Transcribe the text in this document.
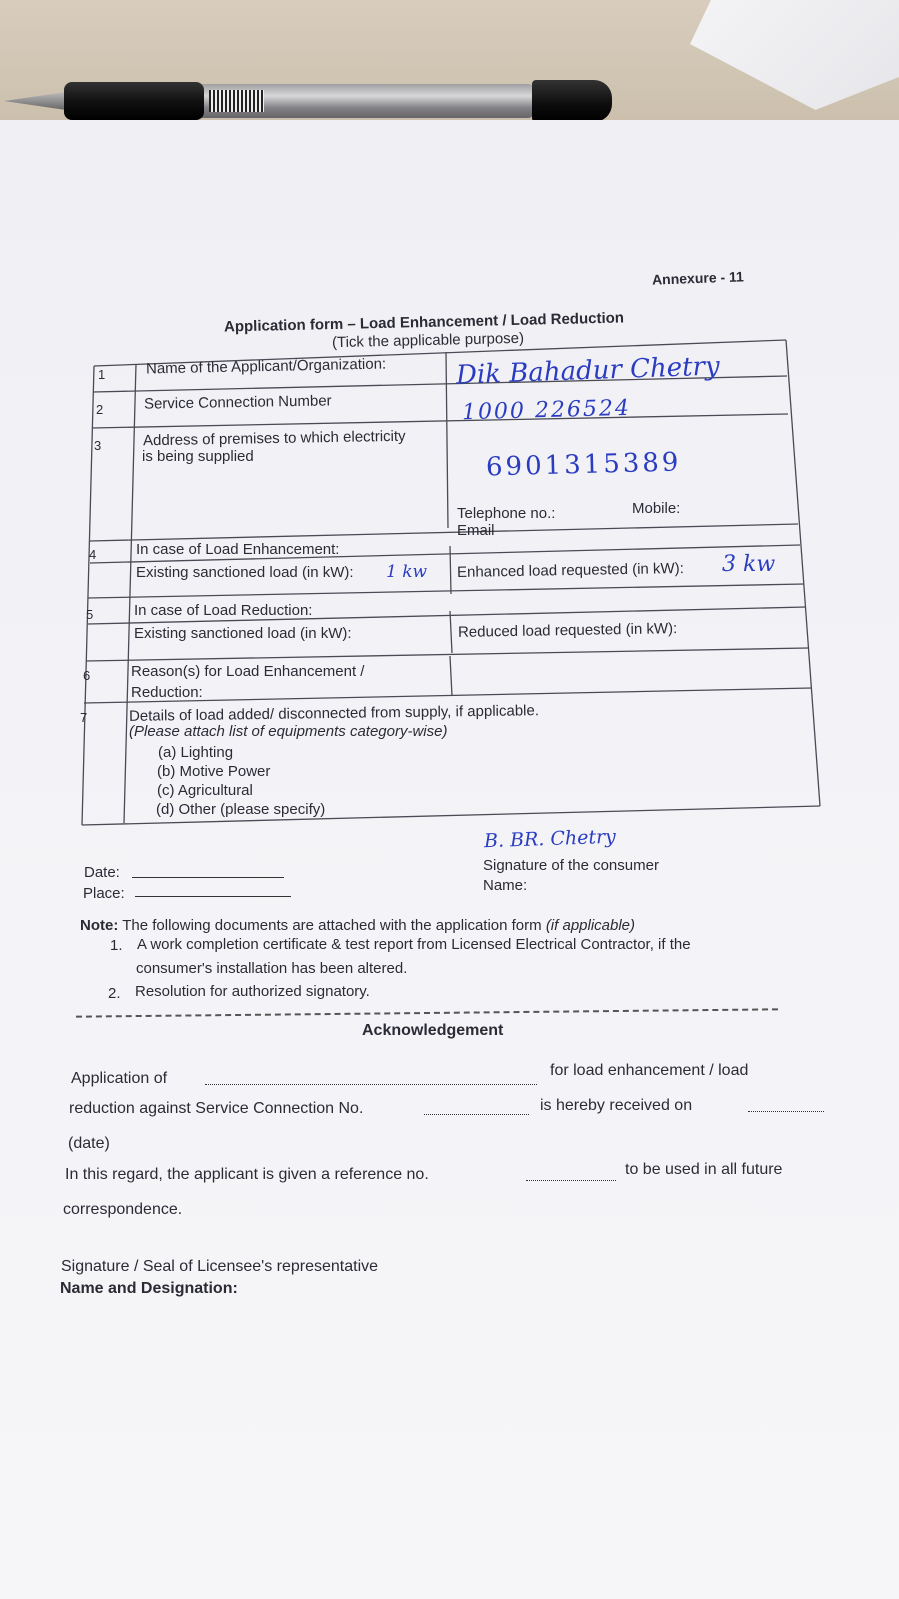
Annexure - 11
Application form – Load Enhancement / Load Reduction
(Tick the applicable purpose)
1	Name of the Applicant/Organization:	Dik Bahadur Chetry
2	Service Connection Number	1000 226524
3	Address of premises to which electricity
is being supplied	6901315389
Telephone no.:	Mobile:
Email
4	In case of Load Enhancement:
Existing sanctioned load (in kW): 1 kw Enhanced load requested (in kW): 3 kw
5	In case of Load Reduction:
Existing sanctioned load (in kW):	Reduced load requested (in kW):
6	Reason(s) for Load Enhancement /
Reduction:
7	Details of load added/ disconnected from supply, if applicable.
(Please attach list of equipments category-wise)
(a) Lighting
(b) Motive Power
(c) Agricultural
(d) Other (please specify)
Date:
Place:
B. BR. Chetry
Signature of the consumer
Name:
Note: The following documents are attached with the application form (if applicable)
1. A work completion certificate & test report from Licensed Electrical Contractor, if the
consumer's installation has been altered.
2. Resolution for authorized signatory.
Acknowledgement
Application of	for load enhancement / load
reduction against Service Connection No.	is hereby received on
(date)
In this regard, the applicant is given a reference no.	to be used in all future
correspondence.
Signature / Seal of Licensee's representative
Name and Designation:
